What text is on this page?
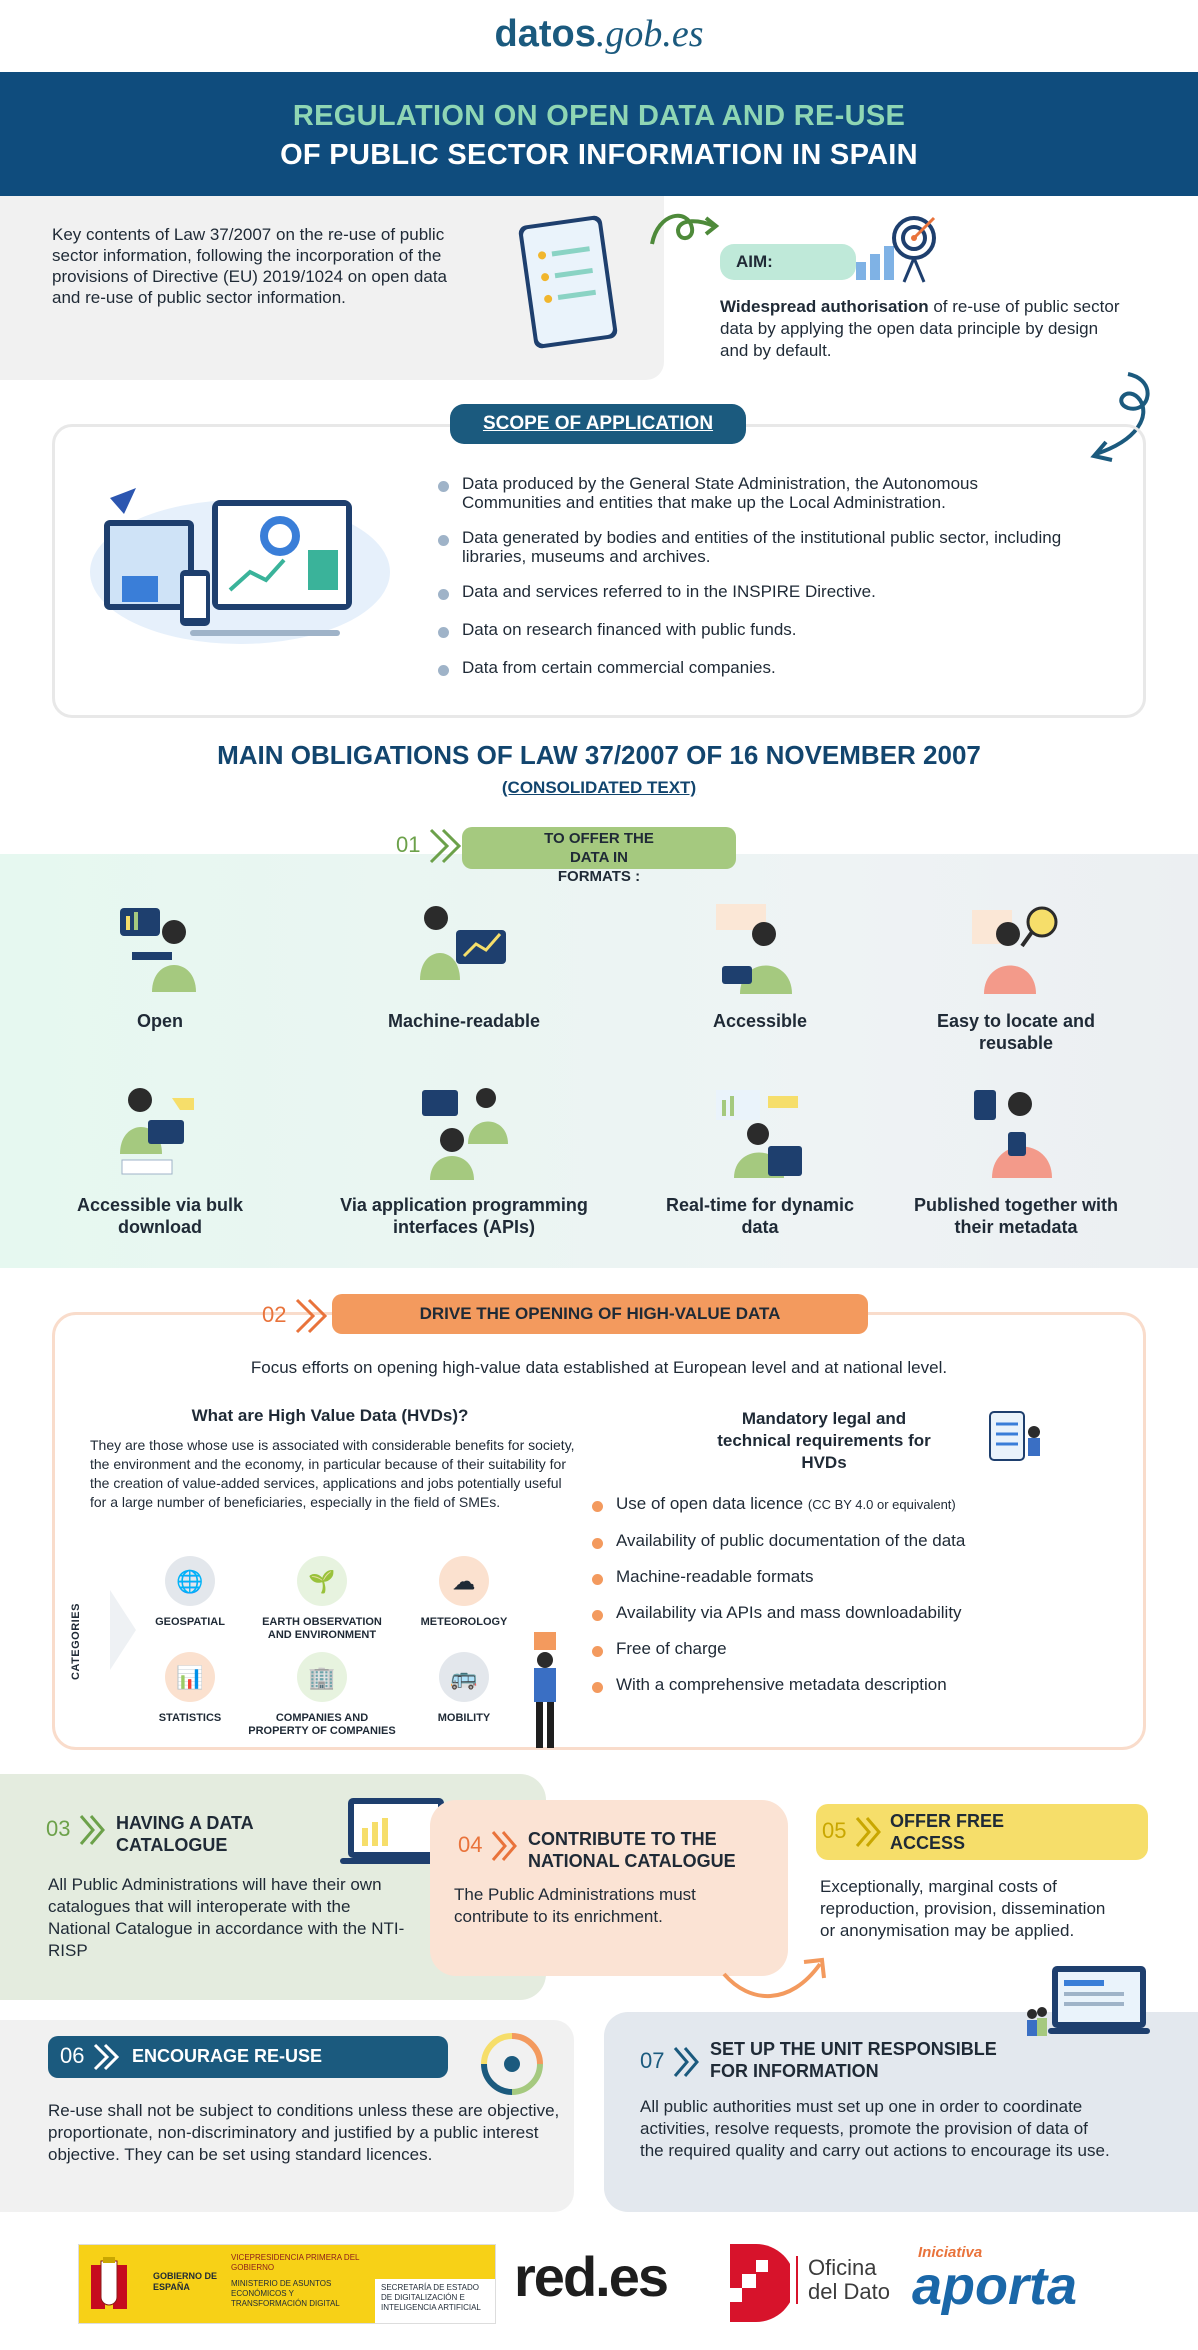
datos.gob.es
REGULATION ON OPEN DATA AND RE-USE
OF PUBLIC SECTOR INFORMATION IN SPAIN
Key contents of Law 37/2007 on the re-use of public sector information, following the incorporation of the provisions of Directive (EU) 2019/1024 on open data and re-use of public sector information.
AIM:
Widespread authorisation of re-use of public sector data by applying the open data principle by design and by default.
SCOPE OF APPLICATION
Data produced by the General State Administration, the Autonomous Communities and entities that make up the Local Administration.
Data generated by bodies and entities of the institutional public sector, including libraries, museums and archives.
Data and services referred to in the INSPIRE Directive.
Data on research financed with public funds.
Data from certain commercial companies.
MAIN OBLIGATIONS OF LAW 37/2007 OF 16 NOVEMBER 2007
(CONSOLIDATED TEXT)
01	TO OFFER THE DATA IN FORMATS :
Open	Machine-readable	Accessible	Easy to locate and reusable
Accessible via bulk download
Via application programming interfaces (APIs)
Real-time for dynamic data
Published together with their metadata
02	DRIVE THE OPENING OF HIGH-VALUE DATA
Focus efforts on opening high-value data established at European level and at national level.
What are High Value Data (HVDs)?
They are those whose use is associated with considerable benefits for society, the environment and the economy, in particular because of their suitability for the creation of value-added services, applications and jobs potentially useful for a large number of beneficiaries, especially in the field of SMEs.
CATEGORIES
🌐
GEOSPATIAL
🌱
EARTH OBSERVATION AND ENVIRONMENT
☁
METEOROLOGY
📊
STATISTICS
🏢
COMPANIES AND PROPERTY OF COMPANIES
🚌
MOBILITY
Mandatory legal and technical requirements for HVDs
Use of open data licence (CC BY 4.0 or equivalent)
Availability of public documentation of the data
Machine-readable formats
Availability via APIs and mass downloadability
Free of charge
With a comprehensive metadata description
03	HAVING A DATA CATALOGUE
All Public Administrations will have their own catalogues that will interoperate with the National Catalogue in accordance with the NTI-RISP
04	CONTRIBUTE TO THE NATIONAL CATALOGUE
The Public Administrations must contribute to its enrichment.
05	OFFER FREE ACCESS
Exceptionally, marginal costs of reproduction, provision, dissemination or anonymisation may be applied.
06	ENCOURAGE RE-USE
Re-use shall not be subject to conditions unless these are objective, proportionate, non-discriminatory and justified by a public interest objective. They can be set using standard licences.
07	SET UP THE UNIT RESPONSIBLE FOR INFORMATION
All public authorities must set up one in order to coordinate activities, resolve requests, promote the provision of data of the required quality and carry out actions to encourage its use.
GOBIERNO DE ESPAÑA
VICEPRESIDENCIA PRIMERA DEL GOBIERNO
MINISTERIO DE ASUNTOS ECONÓMICOS Y TRANSFORMACIÓN DIGITAL
SECRETARÍA DE ESTADO DE DIGITALIZACIÓN E INTELIGENCIA ARTIFICIAL red.es	Oficina
del Dato
Iniciativa
aporta
